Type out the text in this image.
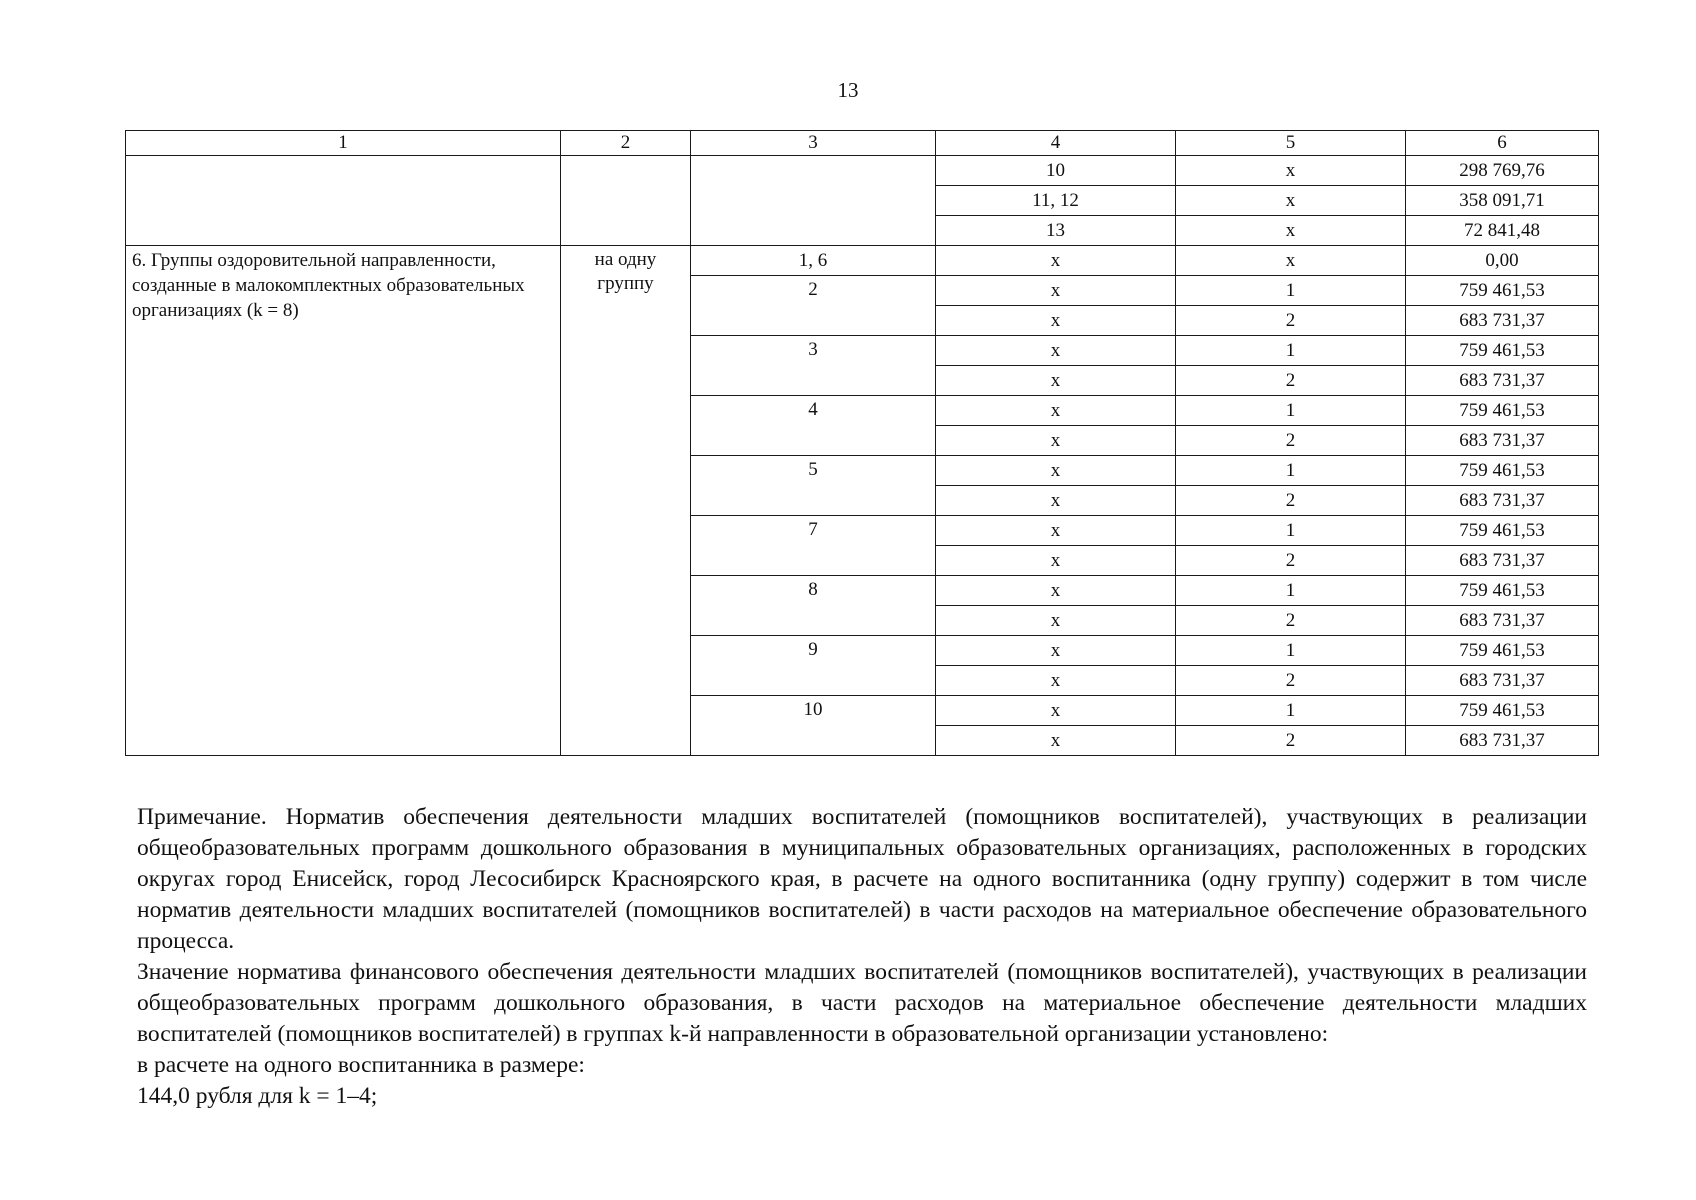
13
1	2	3	4	5	6
			10	х	298 769,76
			11, 12	х	358 091,71
			13	х	72 841,48
6. Группы оздоровительной направленности, созданные в малокомплектных образовательных организациях (k = 8)	на одну группу	1, 6	х	х	0,00
		2	х	1	759 461,53
			х	2	683 731,37
		3	х	1	759 461,53
			х	2	683 731,37
		4	х	1	759 461,53
			х	2	683 731,37
		5	х	1	759 461,53
			х	2	683 731,37
		7	х	1	759 461,53
			х	2	683 731,37
		8	х	1	759 461,53
			х	2	683 731,37
		9	х	1	759 461,53
			х	2	683 731,37
		10	х	1	759 461,53
			х	2	683 731,37

Примечание. Норматив обеспечения деятельности младших воспитателей (помощников воспитателей), участвующих в реализации общеобразовательных программ дошкольного образования в муниципальных образовательных организациях, расположенных в городских округах город Енисейск, город Лесосибирск Красноярского края, в расчете на одного воспитанника (одну группу) содержит в том числе норматив деятельности младших воспитателей (помощников воспитателей) в части расходов на материальное обеспечение образовательного процесса.

Значение норматива финансового обеспечения деятельности младших воспитателей (помощников воспитателей), участвующих в реализации общеобразовательных программ дошкольного образования, в части расходов на материальное обеспечение деятельности младших воспитателей (помощников воспитателей) в группах k-й направленности в образовательной организации установлено:

в расчете на одного воспитанника в размере:

144,0 рубля для k = 1–4;
